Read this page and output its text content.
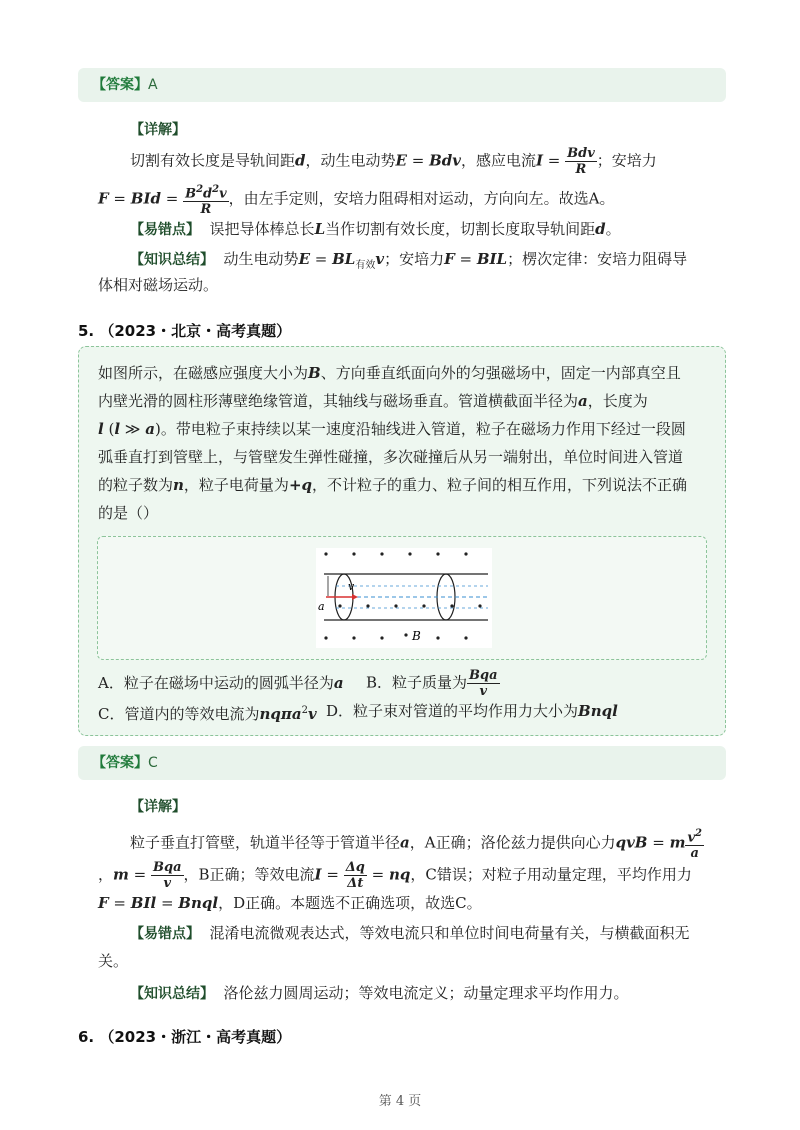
【答案】A
【详解】
切割有效长度是导轨间距d，动生电动势E = Bdv，感应电流$I = \frac{\text{Bdv}}{R}$ ；安培力
F = BId = $\frac{B^2d^2v}{R}$ ，由左手定则，安培力阻碍相对运动，方向向左。故选A。
【易错点】 误把导体棒总长L当作切割有效长度，切割长度取导轨间距d。
【知识总结】 动生电动势$E = BL_{有效}v$；安培力F = BIL；楞次定律：安培力阻碍导
体相对磁场运动。
5. （2023・北京・高考真题）
如图所示，在磁感应强度大小为B、方向垂直纸面向外的匀强磁场中，固定一内部真空且
内壁光滑的圆柱形薄壁绝缘管道，其轴线与磁场垂直。管道横截面半径为a，长度为
l (l ≫ a)。带电粒子束持续以某一速度沿轴线进入管道，粒子在磁场力作用下经过一段圆
弧垂直打到管壁上，与管壁发生弹性碰撞，多次碰撞后从另一端射出，单位时间进入管道
的粒子数为n，粒子电荷量为+q，不计粒子的重力、粒子间的相互作用，下列说法不正确
的是（）
a
v
B
A．粒子在磁场中运动的圆弧半径为a B．粒子质量为 $\frac{\text{Bqa}}{v}$
C．管道内的等效电流为nqπa$^2$v D．粒子束对管道的平均作用力大小为Bnql
【答案】C
【详解】
粒子垂直打管壁，轨道半径等于管道半径a，A正确；洛伦兹力提供向心力qvB = m $\frac{v^2}{a}$
，$m = \frac{\text{Bqa}}{v}$ ，B正确；等效电流$I = \frac{\Delta q}{\Delta t}$ = nq，C错误；对粒子用动量定理，平均作用力
F = BIl = Bnql，D正确。本题选不正确选项，故选C。
【易错点】 混淆电流微观表达式，等效电流只和单位时间电荷量有关，与横截面积无
关。
【知识总结】 洛伦兹力圆周运动；等效电流定义；动量定理求平均作用力。
6. （2023・浙江・高考真题）
第 4 页
